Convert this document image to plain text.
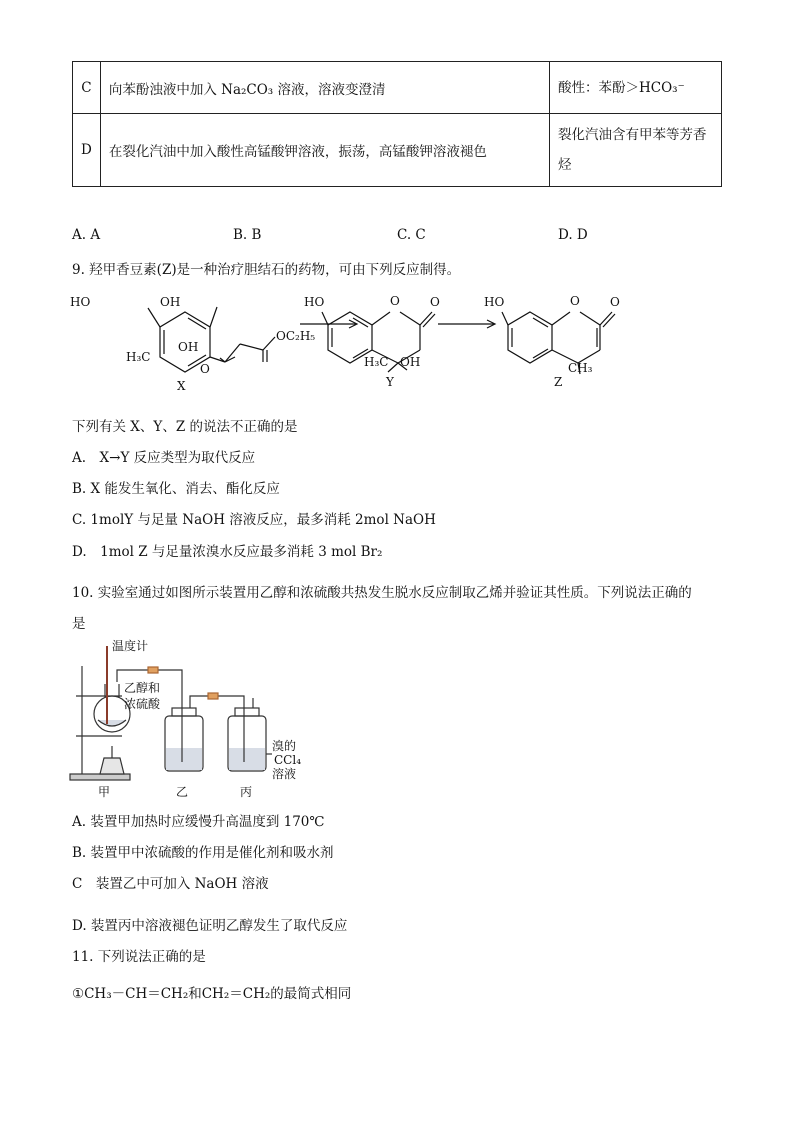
C	向苯酚浊液中加入 Na₂CO₃ 溶液，溶液变澄清	酸性：苯酚＞HCO₃⁻
D	在裂化汽油中加入酸性高锰酸钾溶液，振荡，高锰酸钾溶液褪色	裂化汽油含有甲苯等芳香烃
A. A	B. B	C. C	D. D
9. 羟甲香豆素(Z)是一种治疗胆结石的药物，可由下列反应制得。
HO	OH
OC₂H₅
H₃C
OH
O
X
HO	O	O
H₃C OH
Y
HO	O	O
CH₃
Z
下列有关 X、Y、Z 的说法不正确的是
A.　X→Y 反应类型为取代反应
B. X 能发生氧化、消去、酯化反应
C. 1molY 与足量 NaOH 溶液反应，最多消耗 2mol NaOH
D.　1mol Z 与足量浓溴水反应最多消耗 3 mol Br₂
10. 实验室通过如图所示装置用乙醇和浓硫酸共热发生脱水反应制取乙烯并验证其性质。下列说法正确的
是
温度计
乙醇和
浓硫酸
溴的
CCl₄
溶液
甲	乙	丙
A. 装置甲加热时应缓慢升高温度到 170℃
B. 装置甲中浓硫酸的作用是催化剂和吸水剂
C　装置乙中可加入 NaOH 溶液
D. 装置丙中溶液褪色证明乙醇发生了取代反应
11. 下列说法正确的是
①CH₃－CH＝CH₂和CH₂＝CH₂的最简式相同
